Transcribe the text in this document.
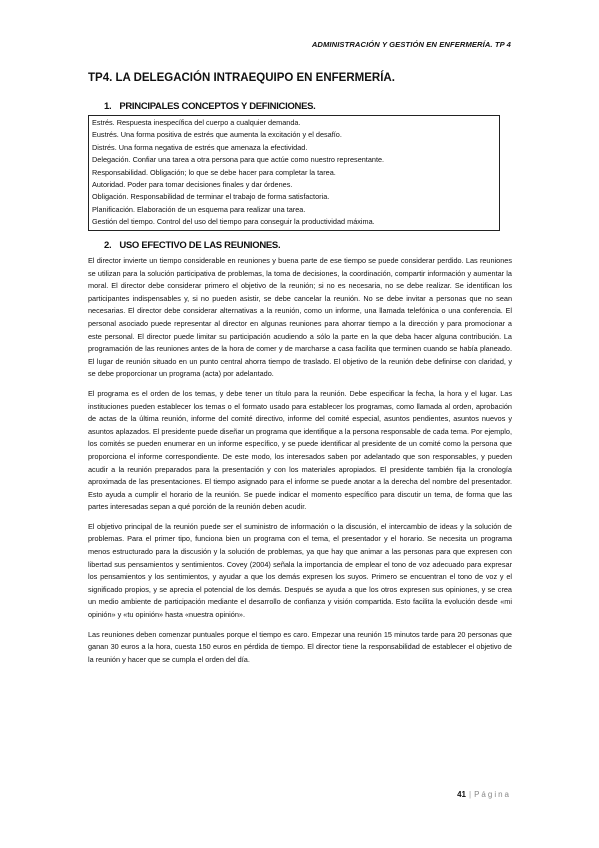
ADMINISTRACIÓN Y GESTIÓN EN ENFERMERÍA. TP 4
TP4. LA DELEGACIÓN INTRAEQUIPO EN ENFERMERÍA.
1. PRINCIPALES CONCEPTOS Y DEFINICIONES.
Estrés. Respuesta inespecífica del cuerpo a cualquier demanda.
Eustrés. Una forma positiva de estrés que aumenta la excitación y el desafío.
Distrés. Una forma negativa de estrés que amenaza la efectividad.
Delegación. Confiar una tarea a otra persona para que actúe como nuestro representante.
Responsabilidad. Obligación; lo que se debe hacer para completar la tarea.
Autoridad. Poder para tomar decisiones finales y dar órdenes.
Obligación. Responsabilidad de terminar el trabajo de forma satisfactoria.
Planificación. Elaboración de un esquema para realizar una tarea.
Gestión del tiempo. Control del uso del tiempo para conseguir la productividad máxima.
2. USO EFECTIVO DE LAS REUNIONES.

El director invierte un tiempo considerable en reuniones y buena parte de ese tiempo se puede considerar perdido. Las reuniones se utilizan para la solución participativa de problemas, la toma de decisiones, la coordinación, compartir información y aumentar la moral. El director debe considerar primero el objetivo de la reunión; si no es necesaria, no se debe realizar. Se identifican los participantes indispensables y, si no pueden asistir, se debe cancelar la reunión. No se debe invitar a personas que no sean necesarias. El director debe considerar alternativas a la reunión, como un informe, una llamada telefónica o una conferencia. El personal asociado puede representar al director en algunas reuniones para ahorrar tiempo a la dirección y para promocionar a este personal. El director puede limitar su participación acudiendo a sólo la parte en la que deba hacer alguna contribución. La programación de las reuniones antes de la hora de comer y de marcharse a casa facilita que terminen cuando se había planeado. El lugar de reunión situado en un punto central ahorra tiempo de traslado. El objetivo de la reunión debe definirse con claridad, y se debe proporcionar un programa (acta) por adelantado.

El programa es el orden de los temas, y debe tener un título para la reunión. Debe especificar la fecha, la hora y el lugar. Las instituciones pueden establecer los temas o el formato usado para establecer los programas, como llamada al orden, aprobación de actas de la última reunión, informe del comité directivo, informe del comité especial, asuntos pendientes, asuntos nuevos y asuntos aplazados. El presidente puede diseñar un programa que identifique a la persona responsable de cada tema. Por ejemplo, los comités se pueden enumerar en un informe específico, y se puede identificar al presidente de un comité como la persona que proporciona el informe correspondiente. De este modo, los interesados saben por adelantado que son responsables, y pueden acudir a la reunión preparados para la presentación y con los materiales apropiados. El presidente también fija la cronología aproximada de las presentaciones. El tiempo asignado para el informe se puede anotar a la derecha del nombre del presentador. Esto ayuda a cumplir el horario de la reunión. Se puede indicar el momento específico para discutir un tema, de forma que las partes interesadas sepan a qué porción de la reunión deben acudir.

El objetivo principal de la reunión puede ser el suministro de información o la discusión, el intercambio de ideas y la solución de problemas. Para el primer tipo, funciona bien un programa con el tema, el presentador y el horario. Se necesita un programa menos estructurado para la discusión y la solución de problemas, ya que hay que animar a las personas para que expresen con libertad sus pensamientos y sentimientos. Covey (2004) señala la importancia de emplear el tono de voz adecuado para expresar los pensamientos y los sentimientos, y ayudar a que los demás expresen los suyos. Primero se encuentran el tono de voz y el significado propios, y se aprecia el potencial de los demás. Después se ayuda a que los otros expresen sus opiniones, y se crea un medio ambiente de participación mediante el desarrollo de confianza y visión compartida. Esto facilita la evolución desde «mi opinión» y «tu opinión» hasta «nuestra opinión».

Las reuniones deben comenzar puntuales porque el tiempo es caro. Empezar una reunión 15 minutos tarde para 20 personas que ganan 30 euros a la hora, cuesta 150 euros en pérdida de tiempo. El director tiene la responsabilidad de establecer el objetivo de la reunión y hacer que se cumpla el orden del día.

41 | Página
